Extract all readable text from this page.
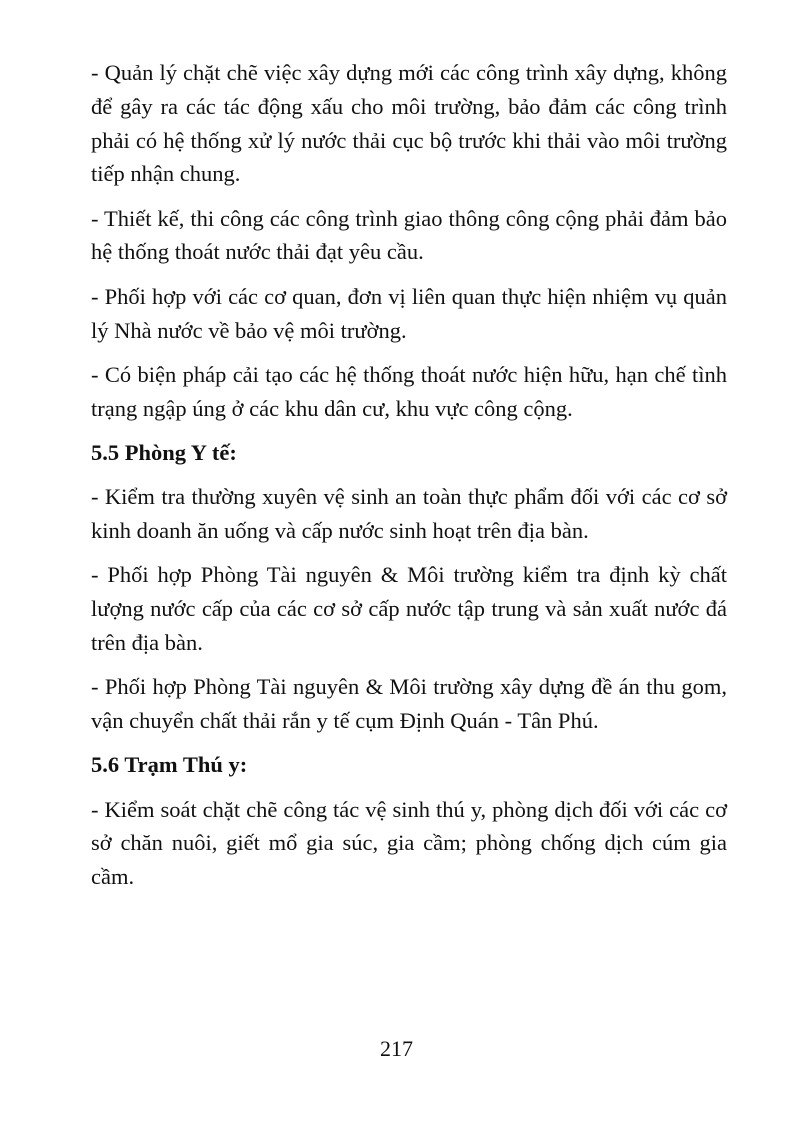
- Quản lý chặt chẽ việc xây dựng mới các công trình xây dựng, không để gây ra các tác động xấu cho môi trường, bảo đảm các công trình phải có hệ thống xử lý nước thải cục bộ trước khi thải vào môi trường tiếp nhận chung.

- Thiết kế, thi công các công trình giao thông công cộng phải đảm bảo hệ thống thoát nước thải đạt yêu cầu.

- Phối hợp với các cơ quan, đơn vị liên quan thực hiện nhiệm vụ quản lý Nhà nước về bảo vệ môi trường.

- Có biện pháp cải tạo các hệ thống thoát nước hiện hữu, hạn chế tình trạng ngập úng ở các khu dân cư, khu vực công cộng.

5.5 Phòng Y tế:

- Kiểm tra thường xuyên vệ sinh an toàn thực phẩm đối với các cơ sở kinh doanh ăn uống và cấp nước sinh hoạt trên địa bàn.

- Phối hợp Phòng Tài nguyên & Môi trường kiểm tra định kỳ chất lượng nước cấp của các cơ sở cấp nước tập trung và sản xuất nước đá trên địa bàn.

- Phối hợp Phòng Tài nguyên & Môi trường xây dựng đề án thu gom, vận chuyển chất thải rắn y tế cụm Định Quán - Tân Phú.

5.6 Trạm Thú y:

- Kiểm soát chặt chẽ công tác vệ sinh thú y, phòng dịch đối với các cơ sở chăn nuôi, giết mổ gia súc, gia cầm; phòng chống dịch cúm gia cầm.

217
